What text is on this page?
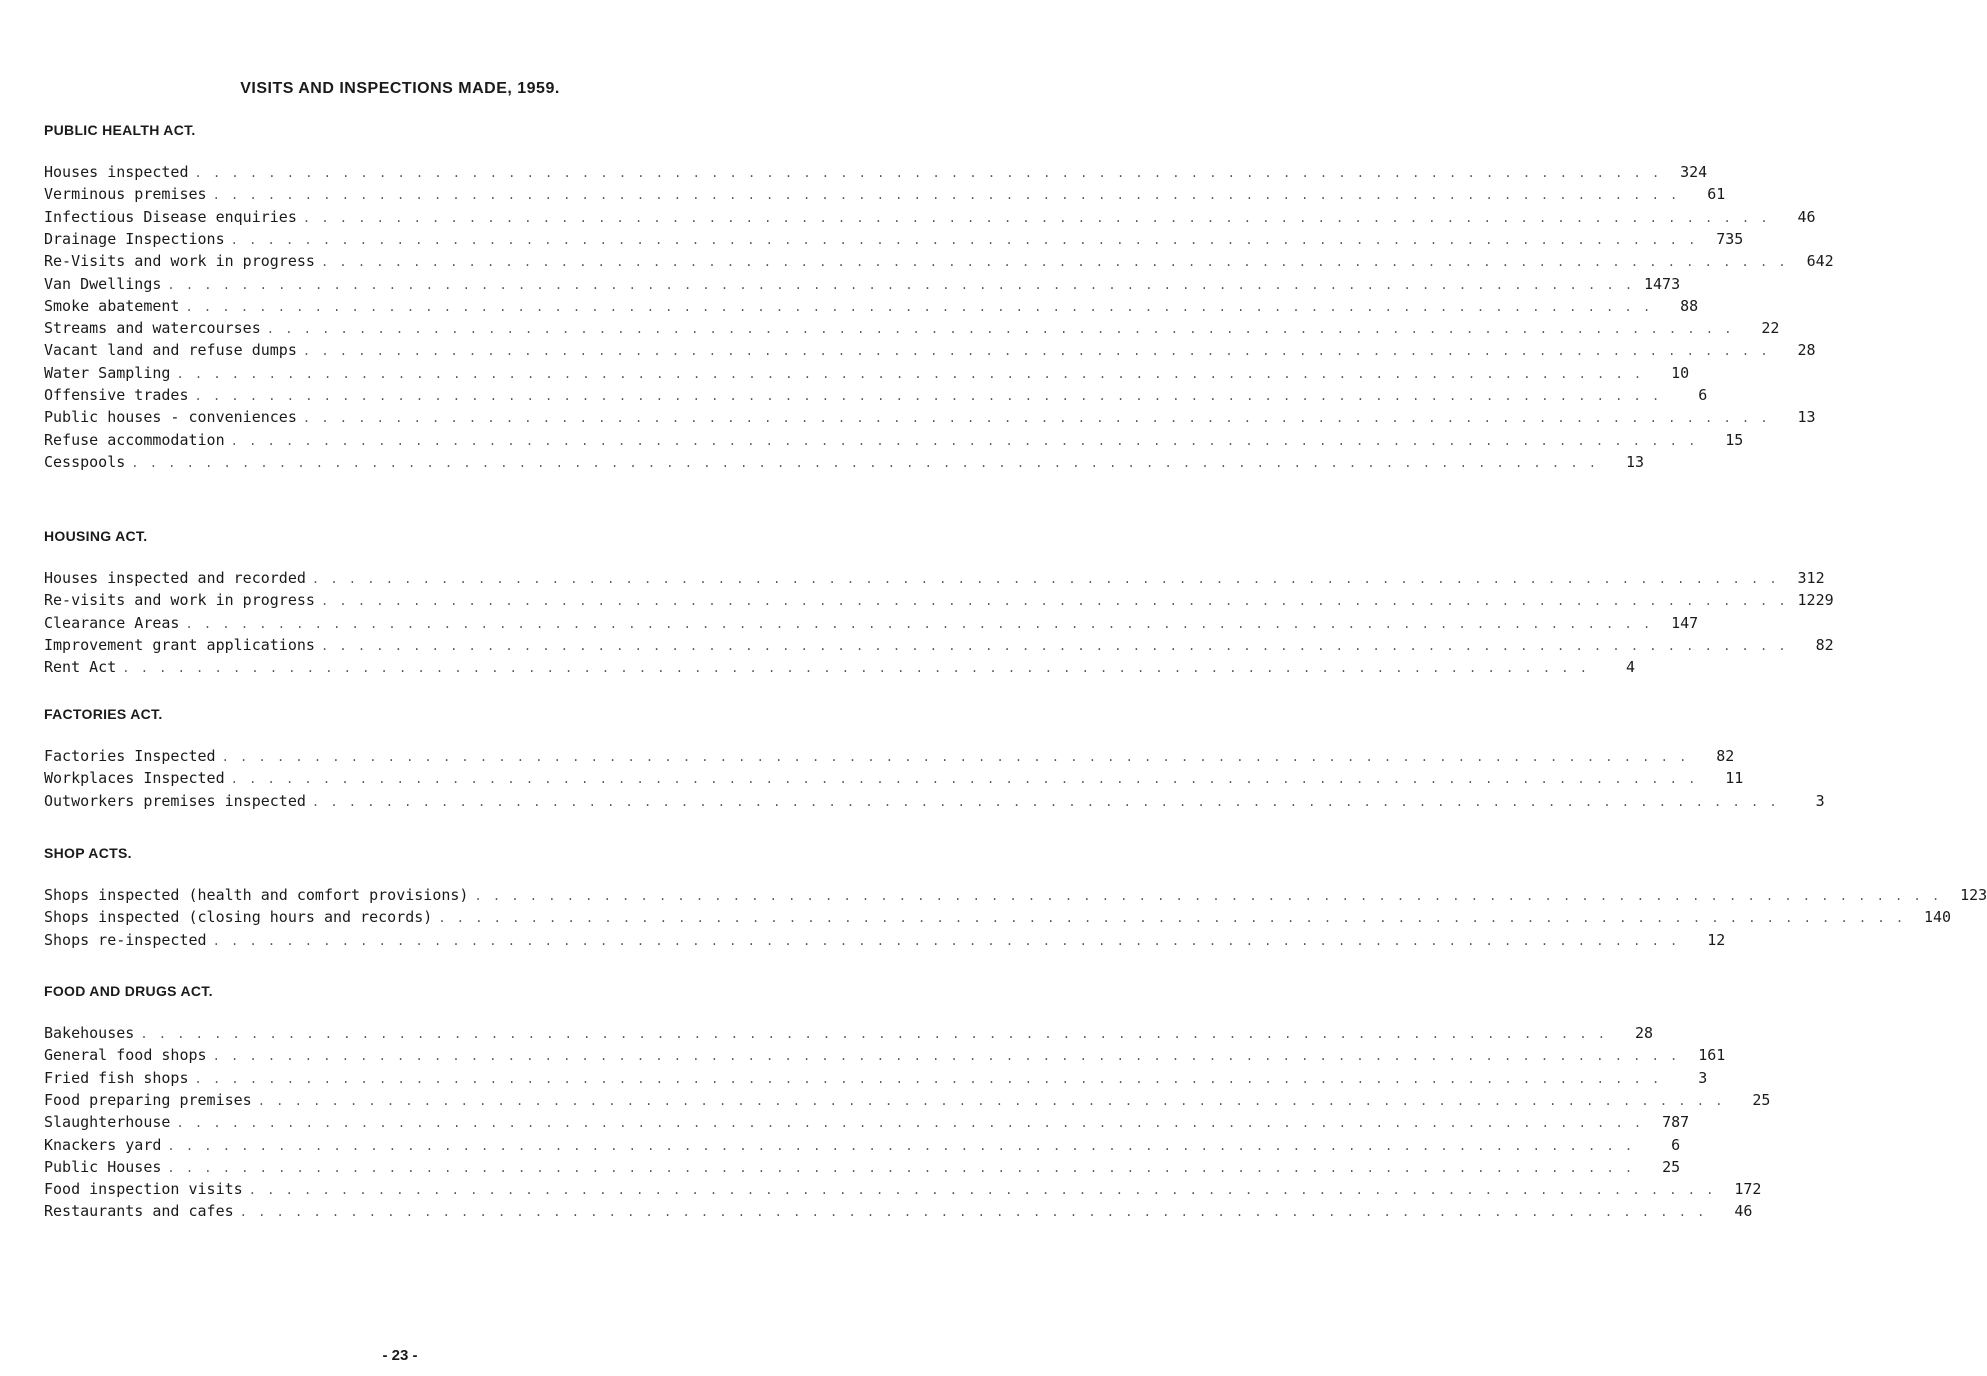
VISITS AND INSPECTIONS MADE, 1959.
PUBLIC HEALTH ACT.
Houses inspected . . . . . . . . . . . . . . . . . . . . . . . . . . . . . . . . . . . . . . . . . . . . . . . . . . . . . . . . . . . . . . . . . . . . . . . . . . . . . . . .	324
Verminous premises . . . . . . . . . . . . . . . . . . . . . . . . . . . . . . . . . . . . . . . . . . . . . . . . . . . . . . . . . . . . . . . . . . . . . . . . . . . . . . . .	61
Infectious Disease enquiries . . . . . . . . . . . . . . . . . . . . . . . . . . . . . . . . . . . . . . . . . . . . . . . . . . . . . . . . . . . . . . . . . . . . . . . . . . . . . . . .	46
Drainage Inspections . . . . . . . . . . . . . . . . . . . . . . . . . . . . . . . . . . . . . . . . . . . . . . . . . . . . . . . . . . . . . . . . . . . . . . . . . . . . . . . .	735
Re-Visits and work in progress . . . . . . . . . . . . . . . . . . . . . . . . . . . . . . . . . . . . . . . . . . . . . . . . . . . . . . . . . . . . . . . . . . . . . . . . . . . . . . . .	642
Van Dwellings . . . . . . . . . . . . . . . . . . . . . . . . . . . . . . . . . . . . . . . . . . . . . . . . . . . . . . . . . . . . . . . . . . . . . . . . . . . . . . . . 1473
Smoke abatement . . . . . . . . . . . . . . . . . . . . . . . . . . . . . . . . . . . . . . . . . . . . . . . . . . . . . . . . . . . . . . . . . . . . . . . . . . . . . . . .	88
Streams and watercourses . . . . . . . . . . . . . . . . . . . . . . . . . . . . . . . . . . . . . . . . . . . . . . . . . . . . . . . . . . . . . . . . . . . . . . . . . . . . . . . .	22
Vacant land and refuse dumps . . . . . . . . . . . . . . . . . . . . . . . . . . . . . . . . . . . . . . . . . . . . . . . . . . . . . . . . . . . . . . . . . . . . . . . . . . . . . . . .	28
Water Sampling . . . . . . . . . . . . . . . . . . . . . . . . . . . . . . . . . . . . . . . . . . . . . . . . . . . . . . . . . . . . . . . . . . . . . . . . . . . . . . . .	10
Offensive trades . . . . . . . . . . . . . . . . . . . . . . . . . . . . . . . . . . . . . . . . . . . . . . . . . . . . . . . . . . . . . . . . . . . . . . . . . . . . . . . .	6
Public houses - conveniences . . . . . . . . . . . . . . . . . . . . . . . . . . . . . . . . . . . . . . . . . . . . . . . . . . . . . . . . . . . . . . . . . . . . . . . . . . . . . . . .	13
Refuse accommodation . . . . . . . . . . . . . . . . . . . . . . . . . . . . . . . . . . . . . . . . . . . . . . . . . . . . . . . . . . . . . . . . . . . . . . . . . . . . . . . .	15
Cesspools . . . . . . . . . . . . . . . . . . . . . . . . . . . . . . . . . . . . . . . . . . . . . . . . . . . . . . . . . . . . . . . . . . . . . . . . . . . . . . . .	13
HOUSING ACT.
Houses inspected and recorded . . . . . . . . . . . . . . . . . . . . . . . . . . . . . . . . . . . . . . . . . . . . . . . . . . . . . . . . . . . . . . . . . . . . . . . . . . . . . . . .	312
Re-visits and work in progress . . . . . . . . . . . . . . . . . . . . . . . . . . . . . . . . . . . . . . . . . . . . . . . . . . . . . . . . . . . . . . . . . . . . . . . . . . . . . . . . 1229
Clearance Areas . . . . . . . . . . . . . . . . . . . . . . . . . . . . . . . . . . . . . . . . . . . . . . . . . . . . . . . . . . . . . . . . . . . . . . . . . . . . . . . .	147
Improvement grant applications . . . . . . . . . . . . . . . . . . . . . . . . . . . . . . . . . . . . . . . . . . . . . . . . . . . . . . . . . . . . . . . . . . . . . . . . . . . . . . . .	82
Rent Act . . . . . . . . . . . . . . . . . . . . . . . . . . . . . . . . . . . . . . . . . . . . . . . . . . . . . . . . . . . . . . . . . . . . . . . . . . . . . . . .	4
FACTORIES ACT.
Factories Inspected . . . . . . . . . . . . . . . . . . . . . . . . . . . . . . . . . . . . . . . . . . . . . . . . . . . . . . . . . . . . . . . . . . . . . . . . . . . . . . . .	82
Workplaces Inspected . . . . . . . . . . . . . . . . . . . . . . . . . . . . . . . . . . . . . . . . . . . . . . . . . . . . . . . . . . . . . . . . . . . . . . . . . . . . . . . .	11
Outworkers premises inspected . . . . . . . . . . . . . . . . . . . . . . . . . . . . . . . . . . . . . . . . . . . . . . . . . . . . . . . . . . . . . . . . . . . . . . . . . . . . . . . .	3
SHOP ACTS.
Shops inspected (health and comfort provisions) . . . . . . . . . . . . . . . . . . . . . . . . . . . . . . . . . . . . . . . . . . . . . . . . . . . . . . . . . . . . . . . . . . . . . . . . . . . . . . . .	123
Shops inspected (closing hours and records) . . . . . . . . . . . . . . . . . . . . . . . . . . . . . . . . . . . . . . . . . . . . . . . . . . . . . . . . . . . . . . . . . . . . . . . . . . . . . . . .	140
Shops re-inspected . . . . . . . . . . . . . . . . . . . . . . . . . . . . . . . . . . . . . . . . . . . . . . . . . . . . . . . . . . . . . . . . . . . . . . . . . . . . . . . .	12
FOOD AND DRUGS ACT.
Bakehouses . . . . . . . . . . . . . . . . . . . . . . . . . . . . . . . . . . . . . . . . . . . . . . . . . . . . . . . . . . . . . . . . . . . . . . . . . . . . . . . .	28
General food shops . . . . . . . . . . . . . . . . . . . . . . . . . . . . . . . . . . . . . . . . . . . . . . . . . . . . . . . . . . . . . . . . . . . . . . . . . . . . . . . .	161
Fried fish shops . . . . . . . . . . . . . . . . . . . . . . . . . . . . . . . . . . . . . . . . . . . . . . . . . . . . . . . . . . . . . . . . . . . . . . . . . . . . . . . .	3
Food preparing premises . . . . . . . . . . . . . . . . . . . . . . . . . . . . . . . . . . . . . . . . . . . . . . . . . . . . . . . . . . . . . . . . . . . . . . . . . . . . . . . .	25
Slaughterhouse . . . . . . . . . . . . . . . . . . . . . . . . . . . . . . . . . . . . . . . . . . . . . . . . . . . . . . . . . . . . . . . . . . . . . . . . . . . . . . . .	787
Knackers yard . . . . . . . . . . . . . . . . . . . . . . . . . . . . . . . . . . . . . . . . . . . . . . . . . . . . . . . . . . . . . . . . . . . . . . . . . . . . . . . .	6
Public Houses . . . . . . . . . . . . . . . . . . . . . . . . . . . . . . . . . . . . . . . . . . . . . . . . . . . . . . . . . . . . . . . . . . . . . . . . . . . . . . . .	25
Food inspection visits . . . . . . . . . . . . . . . . . . . . . . . . . . . . . . . . . . . . . . . . . . . . . . . . . . . . . . . . . . . . . . . . . . . . . . . . . . . . . . . .	172
Restaurants and cafes . . . . . . . . . . . . . . . . . . . . . . . . . . . . . . . . . . . . . . . . . . . . . . . . . . . . . . . . . . . . . . . . . . . . . . . . . . . . . . . .	46
- 23 -
